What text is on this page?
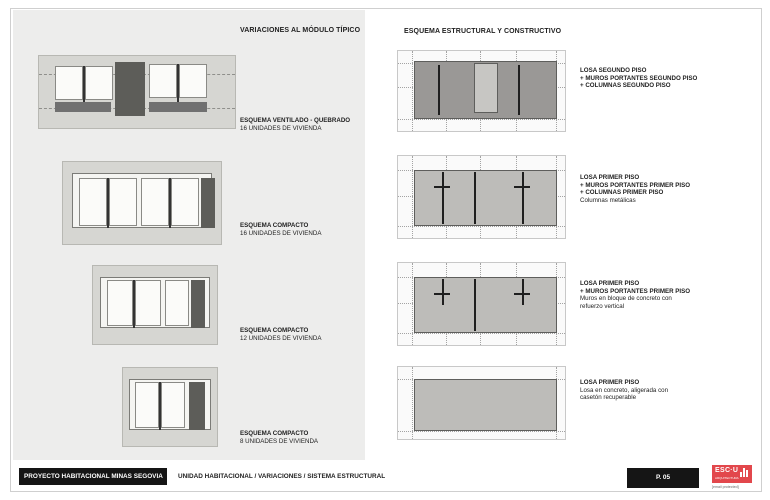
VARIACIONES AL MÓDULO TÍPICO	ESQUEMA ESTRUCTURAL Y CONSTRUCTIVO
ESQUEMA VENTILADO - QUEBRADO
16 UNIDADES DE VIVIENDA
ESQUEMA COMPACTO
16 UNIDADES DE VIVIENDA
ESQUEMA COMPACTO
12 UNIDADES DE VIVIENDA
ESQUEMA COMPACTO
8 UNIDADES DE VIVIENDA
LOSA SEGUNDO PISO
+ MUROS PORTANTES SEGUNDO PISO
+ COLUMNAS SEGUNDO PISO
LOSA PRIMER PISO
+ MUROS PORTANTES PRIMER PISO
+ COLUMNAS PRIMER PISO
Columnas metálicas
LOSA PRIMER PISO
+ MUROS PORTANTES PRIMER PISO
Muros en bloque de concreto con
refuerzo vertical
LOSA PRIMER PISO
Losa en concreto, aligerada con
casetón recuperable
PROYECTO HABITACIONAL MINAS SEGOVIA	UNIDAD HABITACIONAL / VARIACIONES / SISTEMA ESTRUCTURAL	P. 05
ESC·U
ARQUITECTURA
[email protected]
